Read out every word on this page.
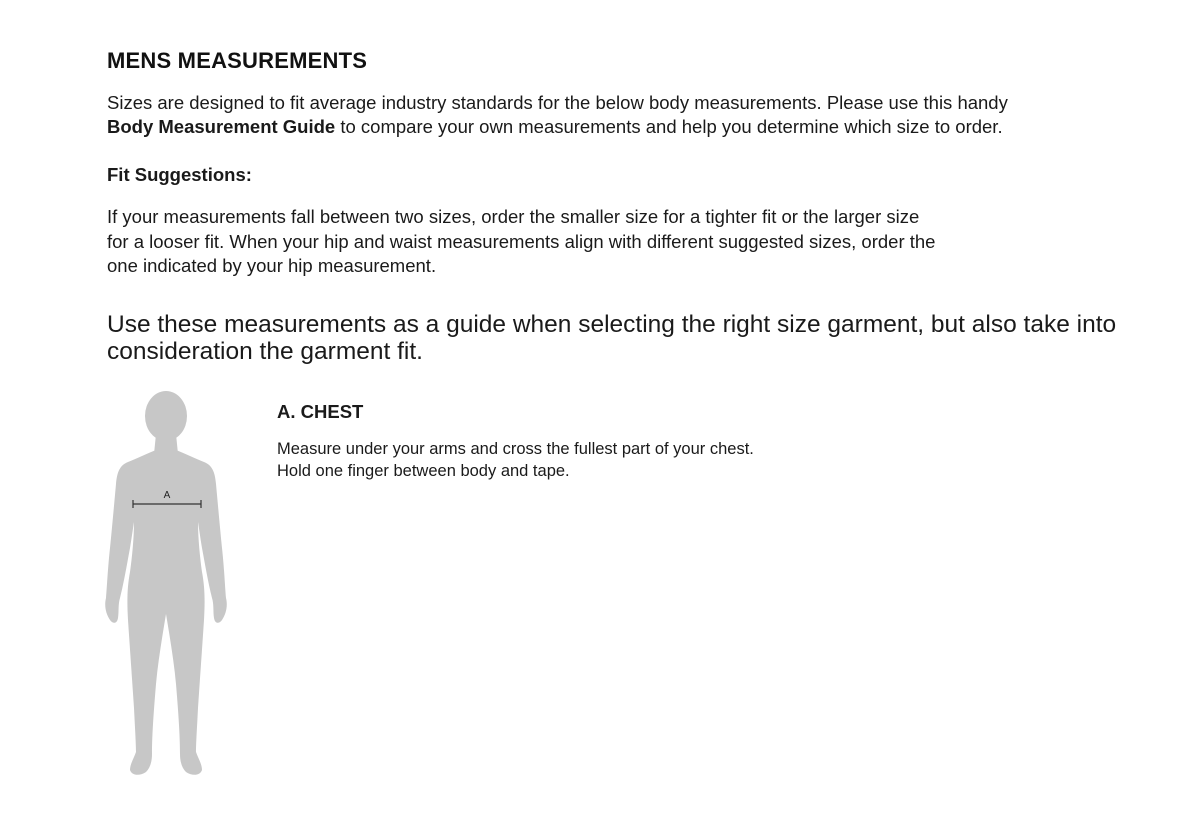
MENS MEASUREMENTS

Sizes are designed to fit average industry standards for the below body measurements. Please use this handy
Body Measurement Guide to compare your own measurements and help you determine which size to order.

Fit Suggestions:

If your measurements fall between two sizes, order the smaller size for a tighter fit or the larger size
for a looser fit. When your hip and waist measurements align with different suggested sizes, order the
one indicated by your hip measurement.

Use these measurements as a guide when selecting the right size garment, but also take into
consideration the garment fit.

A
A. CHEST

Measure under your arms and cross the fullest part of your chest.
Hold one finger between body and tape.
